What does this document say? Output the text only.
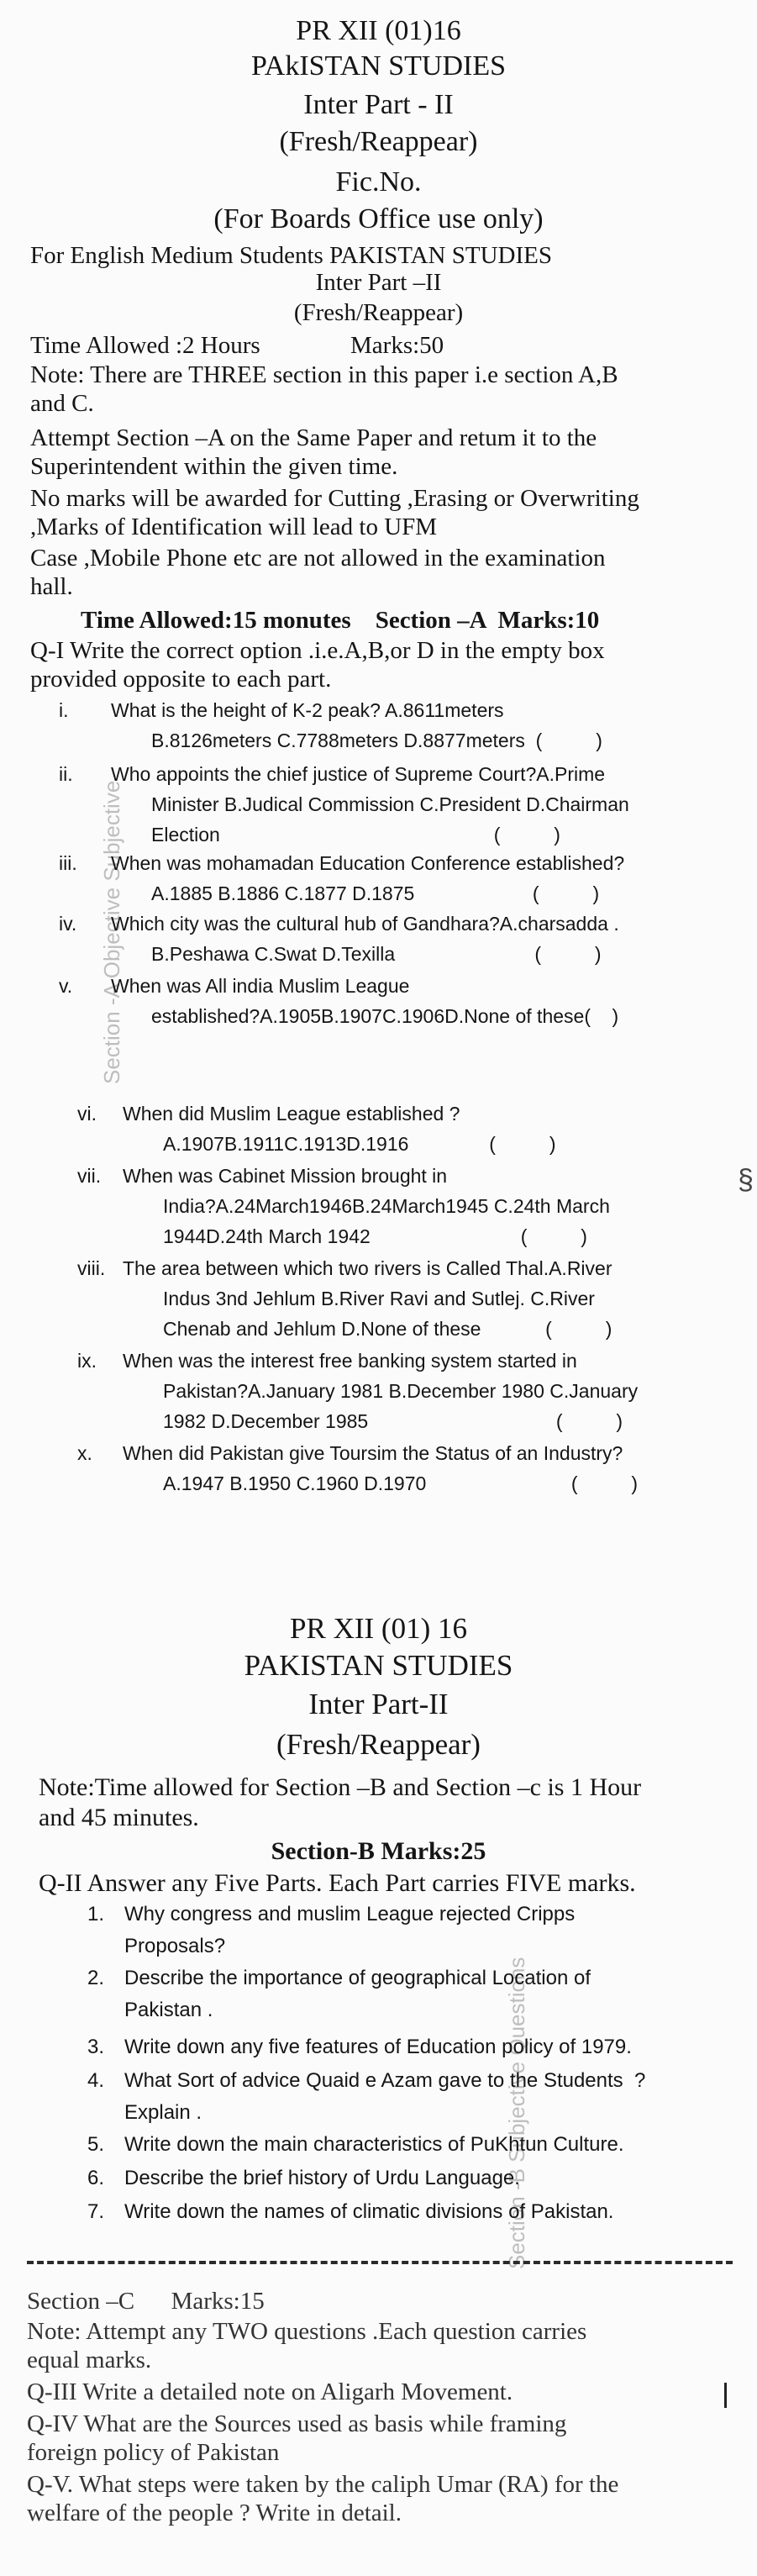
Section -A Objective Subjective
Section -B Subjective Questions
PR XII (01)16
PAkISTAN STUDIES
Inter Part - II
(Fresh/Reappear)
Fic.No.
(For Boards Office use only)
For English Medium Students PAKISTAN STUDIES
Inter Part –II
(Fresh/Reappear)
Time Allowed :2 Hours	Marks:50
Note: There are THREE section in this paper i.e section A,B
and C.
Attempt Section –A on the Same Paper and retum it to the
Superintendent within the given time.
No marks will be awarded for Cutting ,Erasing or Overwriting
,Marks of Identification will lead to UFM
Case ,Mobile Phone etc are not allowed in the examination
hall.
Time Allowed:15 monutes    Section –A  Marks:10
Q-I Write the correct option .i.e.A,B,or D in the empty box
provided opposite to each part.
i. What is the height of K-2 peak? A.8611meters
B.8126meters C.7788meters D.8877meters  (          )
ii. Who appoints the chief justice of Supreme Court?A.Prime
Minister B.Judical Commission C.President D.Chairman
Election                                                   (          )
iii. When was mohamadan Education Conference established?
A.1885 B.1886 C.1877 D.1875                      (          )
iv. Which city was the cultural hub of Gandhara?A.charsadda .
B.Peshawa C.Swat D.Texilla                          (          )
v. When was All india Muslim League
established?A.1905B.1907C.1906D.None of these(    )
vi. When did Muslim League established ?
A.1907B.1911C.1913D.1916               (          )
vii. When was Cabinet Mission brought in
India?A.24March1946B.24March1945 C.24th March
1944D.24th March 1942                            (          )
viii. The area between which two rivers is Called Thal.A.River
Indus 3nd Jehlum B.River Ravi and Sutlej. C.River
Chenab and Jehlum D.None of these            (          )
ix. When was the interest free banking system started in
Pakistan?A.January 1981 B.December 1980 C.January
1982 D.December 1985                                   (          )
x. When did Pakistan give Toursim the Status of an Industry?
A.1947 B.1950 C.1960 D.1970                           (          )
§
PR XII (01) 16
PAKISTAN STUDIES
Inter Part-II
(Fresh/Reappear)
Note:Time allowed for Section –B and Section –c is 1 Hour
and 45 minutes.
Section-B Marks:25
Q-II Answer any Five Parts. Each Part carries FIVE marks.
1. Why congress and muslim League rejected Cripps
Proposals?
2. Describe the importance of geographical Location of
Pakistan .
3. Write down any five features of Education policy of 1979.
4. What Sort of advice Quaid e Azam gave to the Students  ?
Explain .
5. Write down the main characteristics of PuKhtun Culture.
6. Describe the brief history of Urdu Language.
7. Write down the names of climatic divisions of Pakistan.
Section –C      Marks:15
Note: Attempt any TWO questions .Each question carries
equal marks.
Q-III Write a detailed note on Aligarh Movement.
Q-IV What are the Sources used as basis while framing
foreign policy of Pakistan
Q-V. What steps were taken by the caliph Umar (RA) for the
welfare of the people ? Write in detail.
